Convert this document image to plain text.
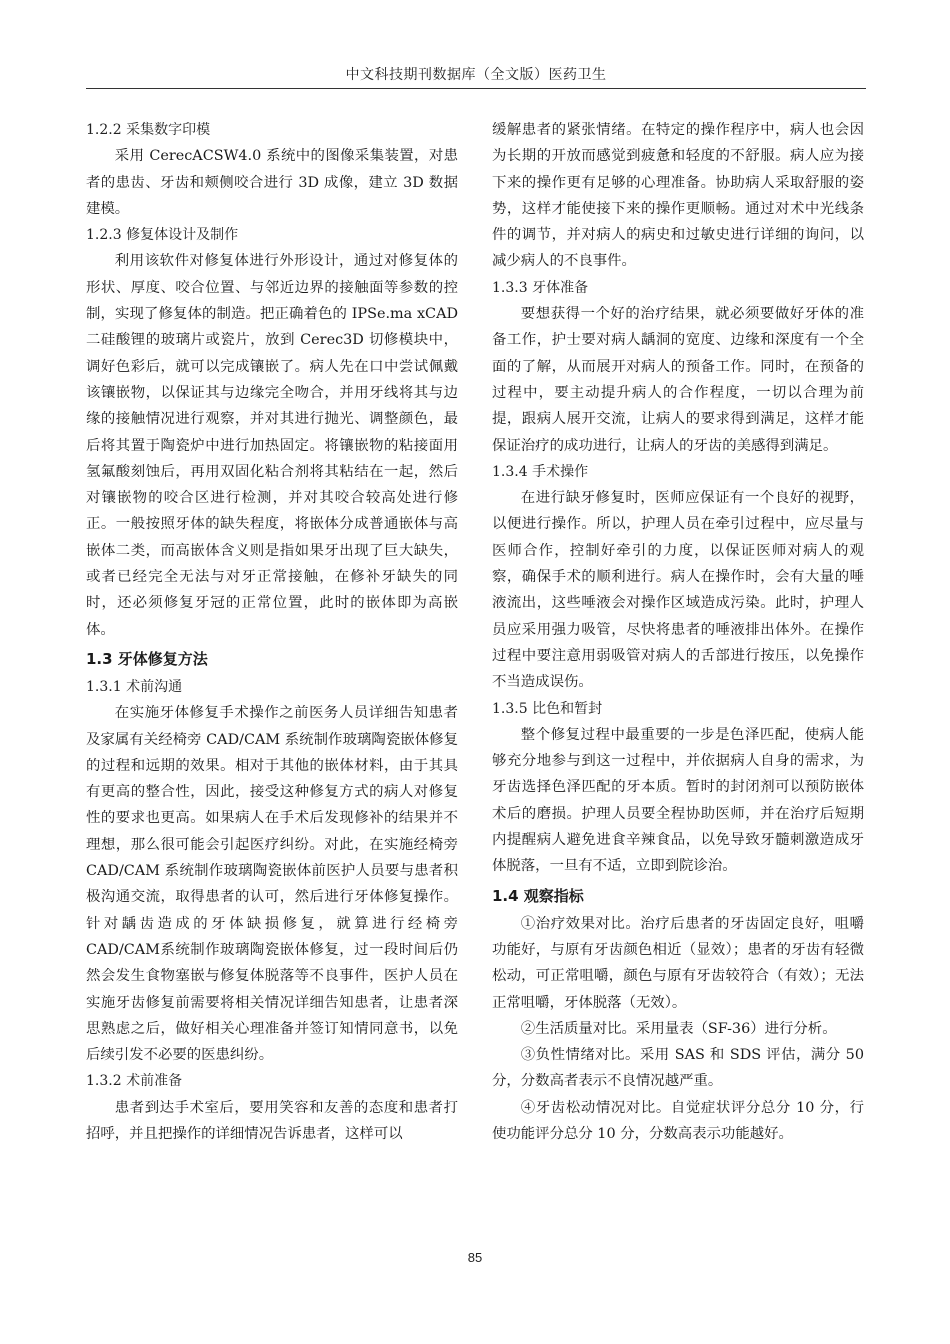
中文科技期刊数据库（全文版）医药卫生

1.2.2 采集数字印模

采用 CerecACSW4.0 系统中的图像采集装置，对患者的患齿、牙齿和颊侧咬合进行 3D 成像，建立 3D 数据建模。

1.2.3 修复体设计及制作

利用该软件对修复体进行外形设计，通过对修复体的形状、厚度、咬合位置、与邻近边界的接触面等参数的控制，实现了修复体的制造。把正确着色的 IPSe.ma xCAD 二硅酸锂的玻璃片或瓷片，放到 Cerec3D 切修模块中，调好色彩后，就可以完成镶嵌了。病人先在口中尝试佩戴该镶嵌物，以保证其与边缘完全吻合，并用牙线将其与边缘的接触情况进行观察，并对其进行抛光、调整颜色，最后将其置于陶瓷炉中进行加热固定。将镶嵌物的粘接面用氢氟酸刻蚀后，再用双固化粘合剂将其粘结在一起，然后对镶嵌物的咬合区进行检测，并对其咬合较高处进行修正。一般按照牙体的缺失程度，将嵌体分成普通嵌体与高嵌体二类，而高嵌体含义则是指如果牙出现了巨大缺失，或者已经完全无法与对牙正常接触，在修补牙缺失的同时，还必须修复牙冠的正常位置，此时的嵌体即为高嵌体。

1.3 牙体修复方法

1.3.1 术前沟通

在实施牙体修复手术操作之前医务人员详细告知患者及家属有关经椅旁 CAD/CAM 系统制作玻璃陶瓷嵌体修复的过程和远期的效果。相对于其他的嵌体材料，由于其具有更高的整合性，因此，接受这种修复方式的病人对修复性的要求也更高。如果病人在手术后发现修补的结果并不理想，那么很可能会引起医疗纠纷。对此，在实施经椅旁 CAD/CAM 系统制作玻璃陶瓷嵌体前医护人员要与患者积极沟通交流，取得患者的认可，然后进行牙体修复操作。针对龋齿造成的牙体缺损修复，就算进行经椅旁CAD/CAM系统制作玻璃陶瓷嵌体修复，过一段时间后仍然会发生食物塞嵌与修复体脱落等不良事件，医护人员在实施牙齿修复前需要将相关情况详细告知患者，让患者深思熟虑之后，做好相关心理准备并签订知情同意书，以免后续引发不必要的医患纠纷。

1.3.2 术前准备

患者到达手术室后，要用笑容和友善的态度和患者打招呼，并且把操作的详细情况告诉患者，这样可以

缓解患者的紧张情绪。在特定的操作程序中，病人也会因为长期的开放而感觉到疲惫和轻度的不舒服。病人应为接下来的操作更有足够的心理准备。协助病人采取舒服的姿势，这样才能使接下来的操作更顺畅。通过对术中光线条件的调节，并对病人的病史和过敏史进行详细的询问，以减少病人的不良事件。

1.3.3 牙体准备

要想获得一个好的治疗结果，就必须要做好牙体的准备工作，护士要对病人龋洞的宽度、边缘和深度有一个全面的了解，从而展开对病人的预备工作。同时，在预备的过程中，要主动提升病人的合作程度，一切以合理为前提，跟病人展开交流，让病人的要求得到满足，这样才能保证治疗的成功进行，让病人的牙齿的美感得到满足。

1.3.4 手术操作

在进行缺牙修复时，医师应保证有一个良好的视野，以便进行操作。所以，护理人员在牵引过程中，应尽量与医师合作，控制好牵引的力度，以保证医师对病人的观察，确保手术的顺利进行。病人在操作时，会有大量的唾液流出，这些唾液会对操作区域造成污染。此时，护理人员应采用强力吸管，尽快将患者的唾液排出体外。在操作过程中要注意用弱吸管对病人的舌部进行按压，以免操作不当造成误伤。

1.3.5 比色和暂封

整个修复过程中最重要的一步是色泽匹配，使病人能够充分地参与到这一过程中，并依据病人自身的需求，为牙齿选择色泽匹配的牙本质。暂时的封闭剂可以预防嵌体术后的磨损。护理人员要全程协助医师，并在治疗后短期内提醒病人避免进食辛辣食品，以免导致牙髓刺激造成牙体脱落，一旦有不适，立即到院诊治。

1.4 观察指标

①治疗效果对比。治疗后患者的牙齿固定良好，咀嚼功能好，与原有牙齿颜色相近（显效）；患者的牙齿有轻微松动，可正常咀嚼，颜色与原有牙齿较符合（有效）；无法正常咀嚼，牙体脱落（无效）。

②生活质量对比。采用量表（SF-36）进行分析。

③负性情绪对比。采用 SAS 和 SDS 评估，满分 50 分，分数高者表示不良情况越严重。

④牙齿松动情况对比。自觉症状评分总分 10 分，行使功能评分总分 10 分，分数高表示功能越好。

85
